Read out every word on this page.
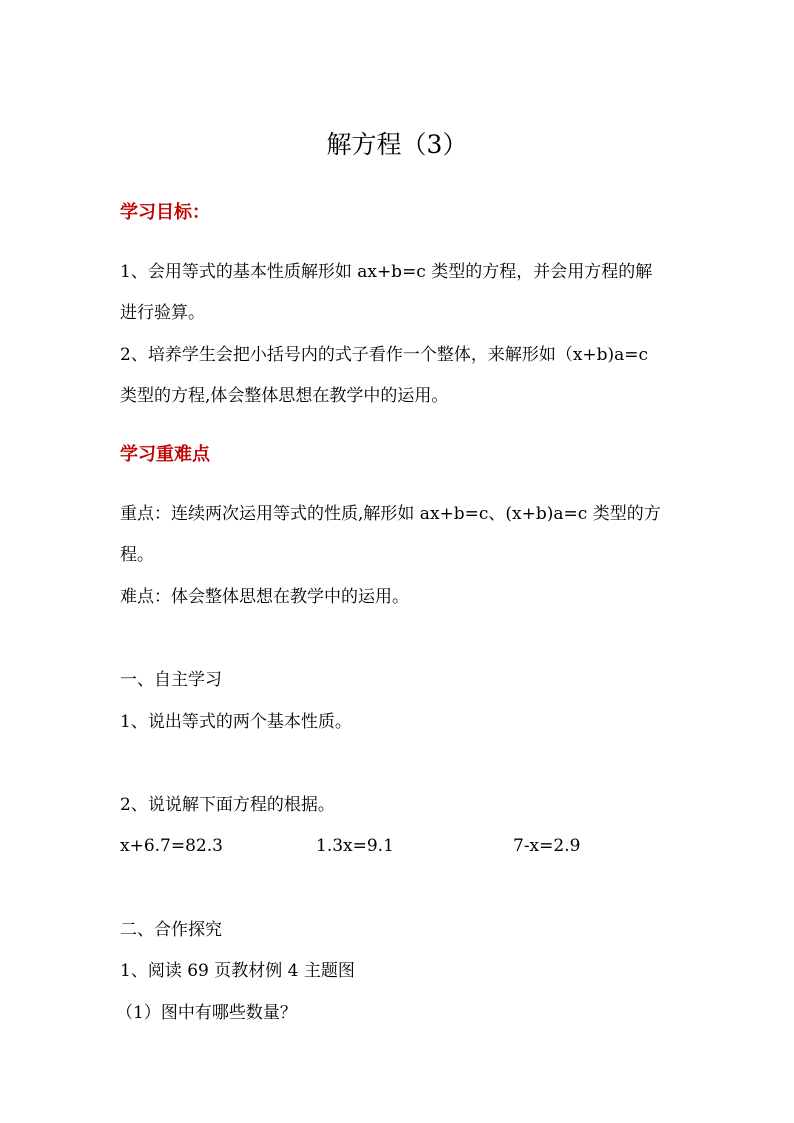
解方程（3）
学习目标：
1、会用等式的基本性质解形如 ax+b=c 类型的方程，并会用方程的解
进行验算。
2、培养学生会把小括号内的式子看作一个整体，来解形如（x+b)a=c
类型的方程,体会整体思想在教学中的运用。
学习重难点
重点：连续两次运用等式的性质,解形如 ax+b=c、(x+b)a=c 类型的方
程。
难点：体会整体思想在教学中的运用。
一、自主学习
1、说出等式的两个基本性质。
2、说说解下面方程的根据。
x+6.7=82.3	1.3x=9.1	7-x=2.9
二、合作探究
1、阅读 69 页教材例 4 主题图
（1）图中有哪些数量？
